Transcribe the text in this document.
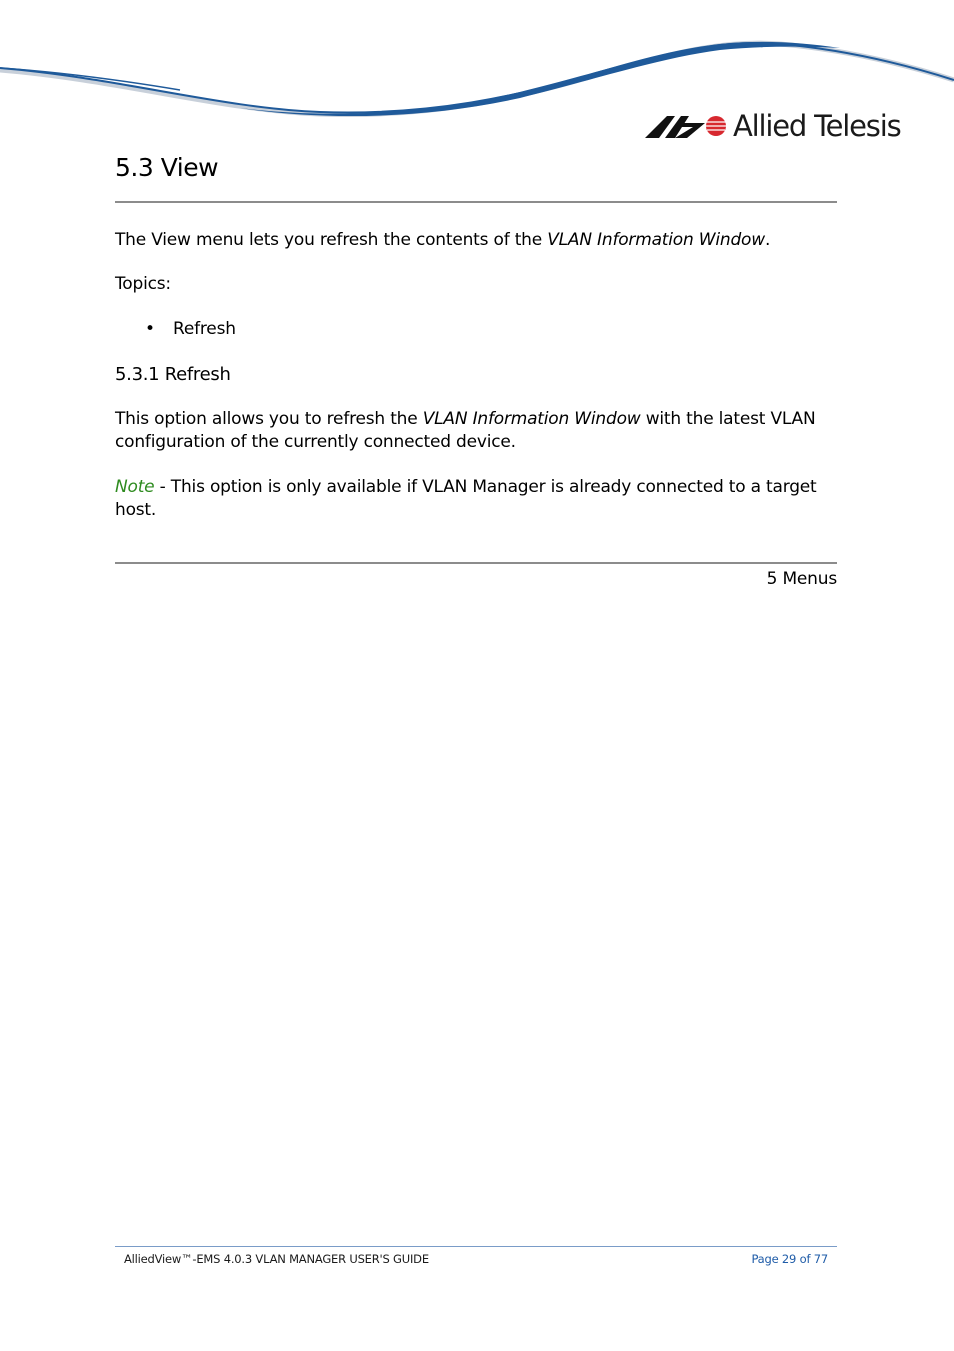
Allied Telesis
5.3 View

The View menu lets you refresh the contents of the VLAN Information Window.

Topics:

• Refresh
5.3.1 Refresh

This option allows you to refresh the VLAN Information Window with the latest VLAN
configuration of the currently connected device.

Note - This option is only available if VLAN Manager is already connected to a target host.

5 Menus
AlliedView™-EMS 4.0.3 VLAN MANAGER USER'S GUIDE	Page 29 of 77
